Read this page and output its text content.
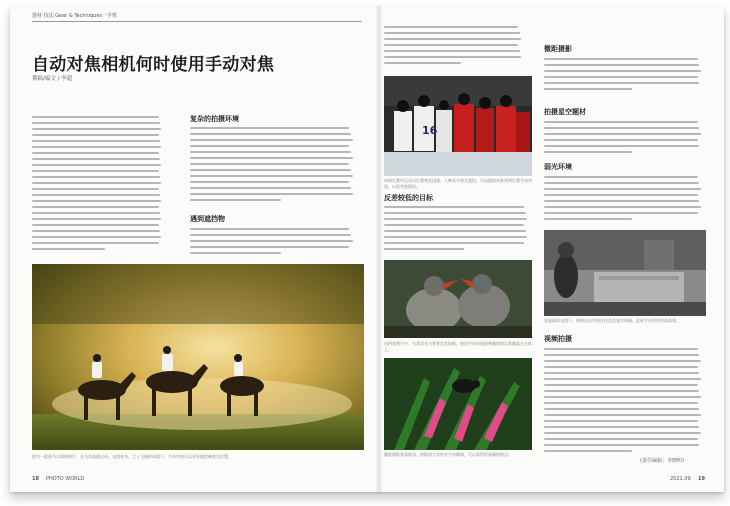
器材·技法 Gear & Techniques 一手棋
自动对焦相机何时使用手动对焦
撰稿/编文 / 李超
复杂的拍摄环境
遇到遮挡物
图为一组骑马击球的照片。在马匹高速运动、光线复杂、尘土飞扬的环境下，手动对焦可以更好地控制焦点位置。
18 PHOTO WORLD
16
冰球比赛中运动员位置变化迅速，人物众多相互遮挡，可以提前对准预判位置手动对焦，以免对焦错误。
反差较低的目标
这两张照片中，鸟类羽毛与背景反差较低，使用手动对焦能够确保焦点准确落在主体上。
微距摄影景深极浅，借助放大对焦并手动微调，可以获得更准确的焦点。
微距摄影
拍摄星空题材
弱光环境
在暗弱的光线下，相机自动对焦往往会反复拉风箱，此时手动对焦更加高效。
视频拍摄
(责任编辑：李晓明)
2021.09 19
